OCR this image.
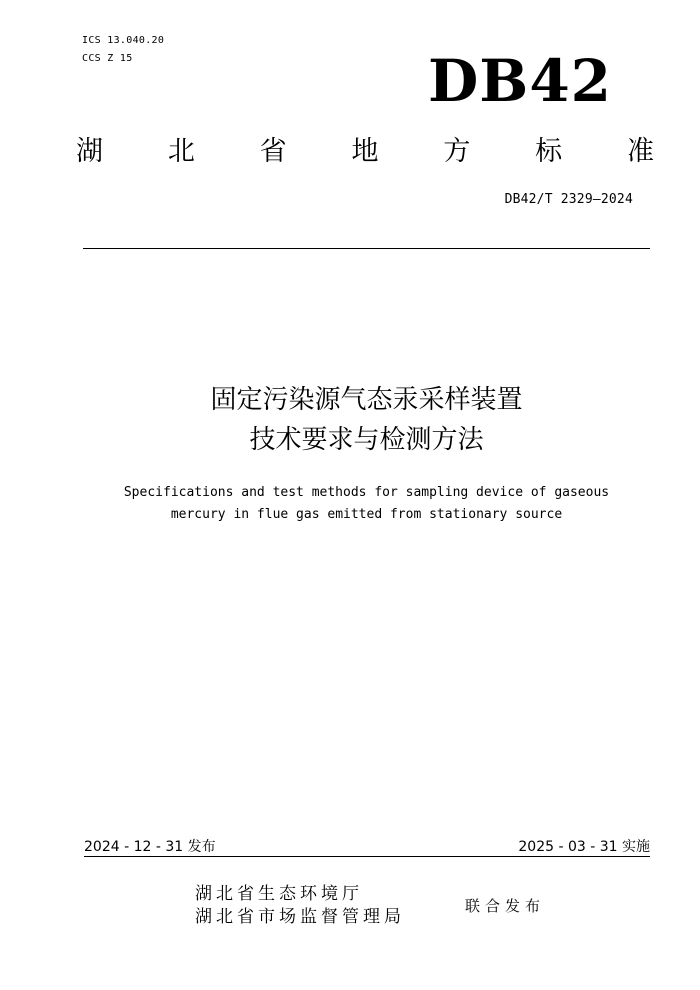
ICS 13.040.20
CCS Z 15	DB42
湖 北 省 地 方 标 准
DB42/T 2329—2024
固定污染源气态汞采样装置
技术要求与检测方法
Specifications and test methods for sampling device of gaseous
mercury in flue gas emitted from stationary source
2024 - 12 - 31 发布	2025 - 03 - 31 实施
湖北省生态环境厅
湖北省市场监督管理局
联合发布
